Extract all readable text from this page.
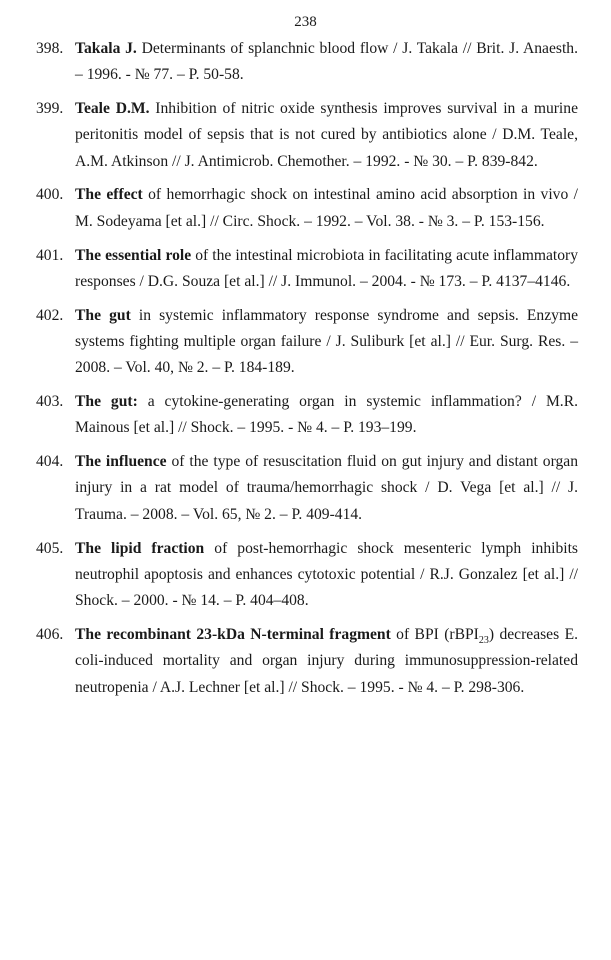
238
398. Takala J. Determinants of splanchnic blood flow / J. Takala // Brit. J. Anaesth. – 1996. - № 77. – P. 50-58.
399. Teale D.M. Inhibition of nitric oxide synthesis improves survival in a murine peritonitis model of sepsis that is not cured by antibiotics alone / D.M. Teale, A.M. Atkinson // J. Antimicrob. Chemother. – 1992. - № 30. – P. 839-842.
400. The effect of hemorrhagic shock on intestinal amino acid absorption in vivo / M. Sodeyama [et al.] // Circ. Shock. – 1992. – Vol. 38. - № 3. – P. 153-156.
401. The essential role of the intestinal microbiota in facilitating acute inflammatory responses / D.G. Souza [et al.] // J. Immunol. – 2004. - № 173. – P. 4137–4146.
402. The gut in systemic inflammatory response syndrome and sepsis. Enzyme systems fighting multiple organ failure / J. Suliburk [et al.] // Eur. Surg. Res. – 2008. – Vol. 40, № 2. – P. 184-189.
403. The gut: a cytokine-generating organ in systemic inflammation? / M.R. Mainous [et al.] // Shock. – 1995. - № 4. – P. 193–199.
404. The influence of the type of resuscitation fluid on gut injury and distant organ injury in a rat model of trauma/hemorrhagic shock / D. Vega [et al.] // J. Trauma. – 2008. – Vol. 65, № 2. – P. 409-414.
405. The lipid fraction of post-hemorrhagic shock mesenteric lymph inhibits neutrophil apoptosis and enhances cytotoxic potential / R.J. Gonzalez [et al.] // Shock. – 2000. - № 14. – P. 404–408.
406. The recombinant 23-kDa N-terminal fragment of BPI (rBPI$_{23}$) decreases E. coli-induced mortality and organ injury during immunosuppression-related neutropenia / A.J. Lechner [et al.] // Shock. – 1995. - № 4. – P. 298-306.
